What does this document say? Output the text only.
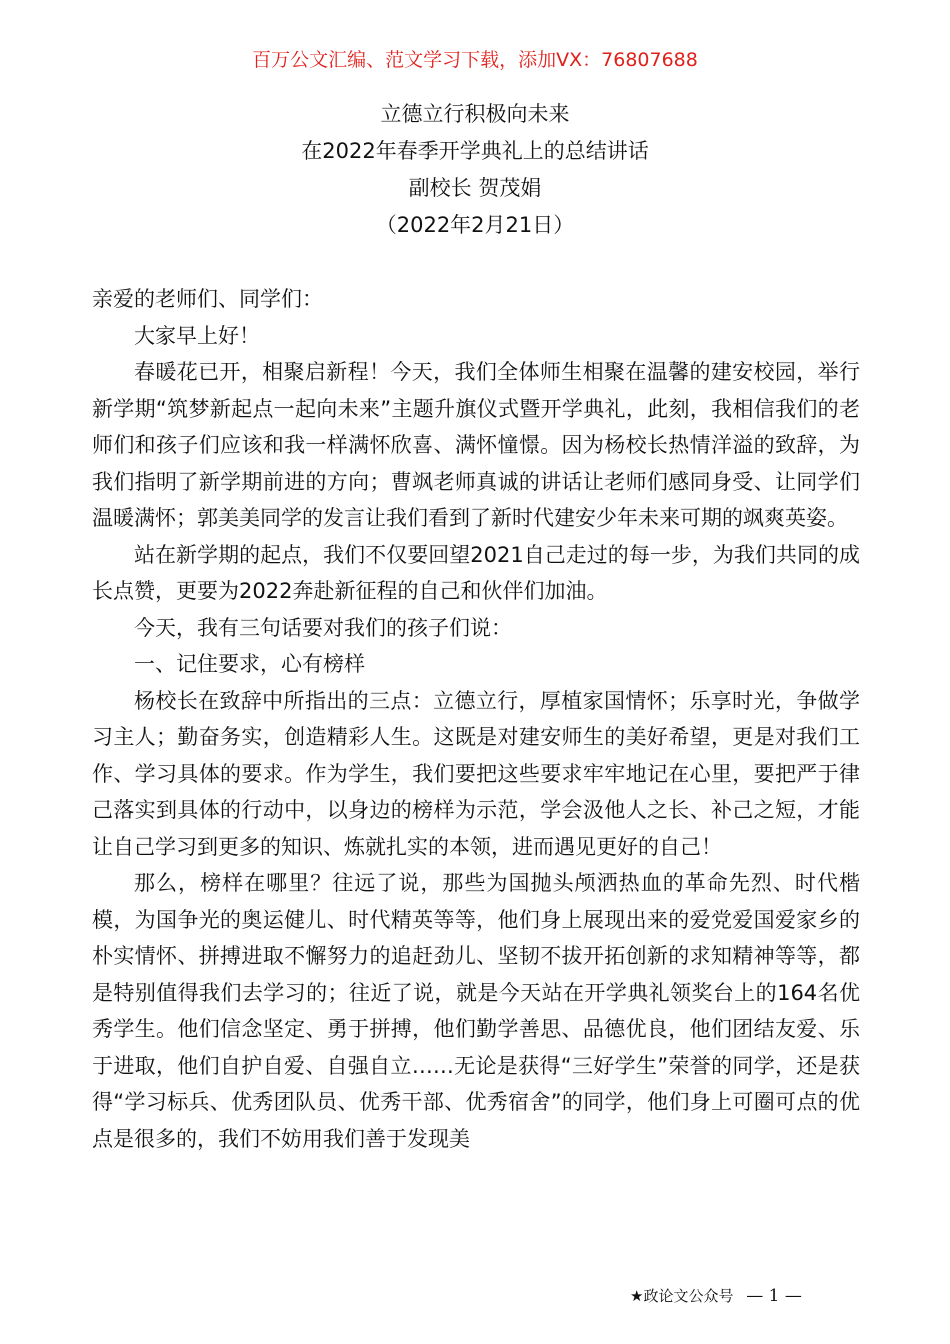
百万公文汇编、范文学习下载，添加VX：76807688
立德立行积极向未来
在2022年春季开学典礼上的总结讲话
副校长 贺茂娟
（2022年2月21日）

亲爱的老师们、同学们：

大家早上好！

春暖花已开，相聚启新程！今天，我们全体师生相聚在温馨的建安校园，举行新学期“筑梦新起点一起向未来”主题升旗仪式暨开学典礼，此刻，我相信我们的老师们和孩子们应该和我一样满怀欣喜、满怀憧憬。因为杨校长热情洋溢的致辞，为我们指明了新学期前进的方向；曹飒老师真诚的讲话让老师们感同身受、让同学们温暖满怀；郭美美同学的发言让我们看到了新时代建安少年未来可期的飒爽英姿。

站在新学期的起点，我们不仅要回望2021自己走过的每一步，为我们共同的成长点赞，更要为2022奔赴新征程的自己和伙伴们加油。

今天，我有三句话要对我们的孩子们说：

一、记住要求，心有榜样

杨校长在致辞中所指出的三点：立德立行，厚植家国情怀；乐享时光，争做学习主人；勤奋务实，创造精彩人生。这既是对建安师生的美好希望，更是对我们工作、学习具体的要求。作为学生，我们要把这些要求牢牢地记在心里，要把严于律己落实到具体的行动中，以身边的榜样为示范，学会汲他人之长、补己之短，才能让自己学习到更多的知识、炼就扎实的本领，进而遇见更好的自己！

那么，榜样在哪里？往远了说，那些为国抛头颅洒热血的革命先烈、时代楷模，为国争光的奥运健儿、时代精英等等，他们身上展现出来的爱党爱国爱家乡的朴实情怀、拼搏进取不懈努力的追赶劲儿、坚韧不拔开拓创新的求知精神等等，都是特别值得我们去学习的；往近了说，就是今天站在开学典礼领奖台上的164名优秀学生。他们信念坚定、勇于拼搏，他们勤学善思、品德优良，他们团结友爱、乐于进取，他们自护自爱、自强自立……无论是获得“三好学生”荣誉的同学，还是获得“学习标兵、优秀团队员、优秀干部、优秀宿舍”的同学，他们身上可圈可点的优点是很多的，我们不妨用我们善于发现美

★政论文公众号 — 1 —
